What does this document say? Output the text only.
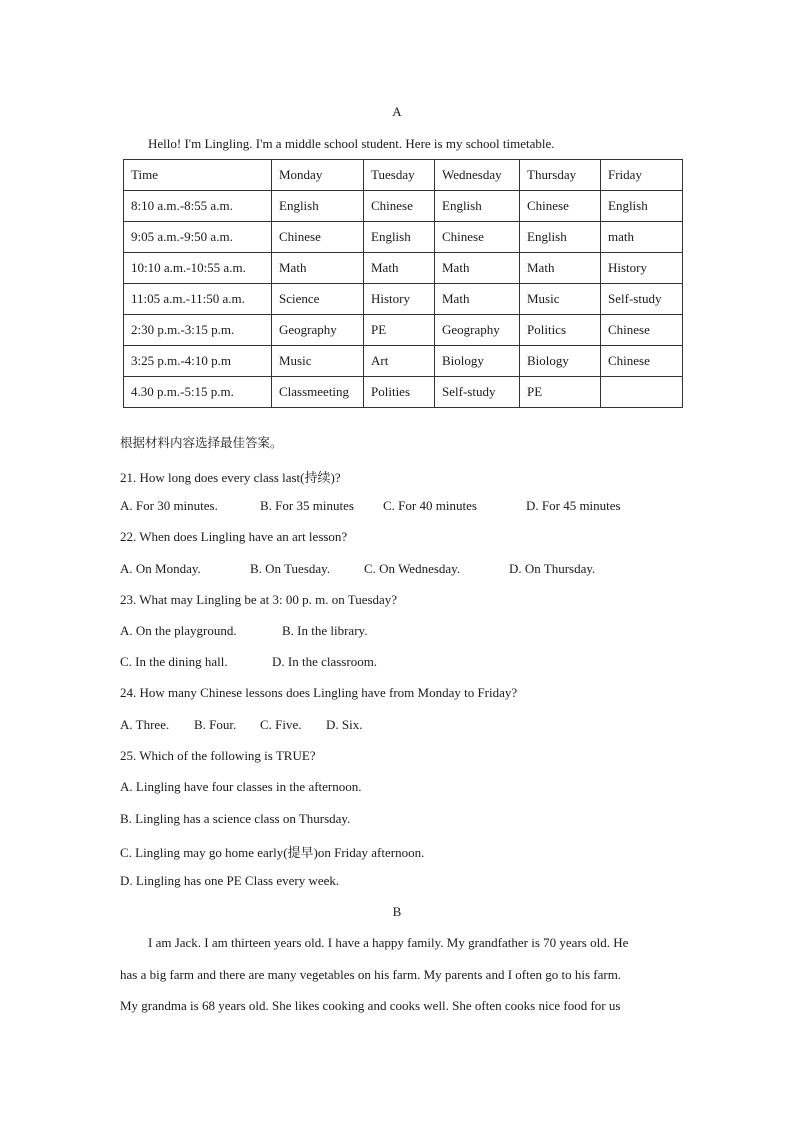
A
Hello! I'm Lingling. I'm a middle school student. Here is my school timetable.
Time	Monday	Tuesday	Wednesday	Thursday	Friday
8:10 a.m.-8:55 a.m.	English	Chinese	English	Chinese	English
9:05 a.m.-9:50 a.m.	Chinese	English	Chinese	English	math
10:10 a.m.-10:55 a.m.	Math	Math	Math	Math	History
11:05 a.m.-11:50 a.m.	Science	History	Math	Music	Self-study
2:30 p.m.-3:15 p.m.	Geography	PE	Geography	Politics	Chinese
3:25 p.m.-4:10 p.m	Music	Art	Biology	Biology	Chinese
4.30 p.m.-5:15 p.m.	Classmeeting	Polities	Self-study	PE	
根据材料内容选择最佳答案。
21. How long does every class last(持续)?
A. For 30 minutes.	B. For 35 minutes C. For 40 minutes	D. For 45 minutes
22. When does Lingling have an art lesson?
A. On Monday.	B. On Tuesday.	C. On Wednesday.	D. On Thursday.
23. What may Lingling be at 3: 00 p. m. on Tuesday?
A. On the playground.	B. In the library.
C. In the dining hall.	D. In the classroom.
24. How many Chinese lessons does Lingling have from Monday to Friday?
A. Three. B. Four. C. Five. D. Six.
25. Which of the following is TRUE?
A. Lingling have four classes in the afternoon.
B. Lingling has a science class on Thursday.
C. Lingling may go home early(提早)on Friday afternoon.
D. Lingling has one PE Class every week.
B
I am Jack. I am thirteen years old. I have a happy family. My grandfather is 70 years old. He
has a big farm and there are many vegetables on his farm. My parents and I often go to his farm.
My grandma is 68 years old. She likes cooking and cooks well. She often cooks nice food for us
